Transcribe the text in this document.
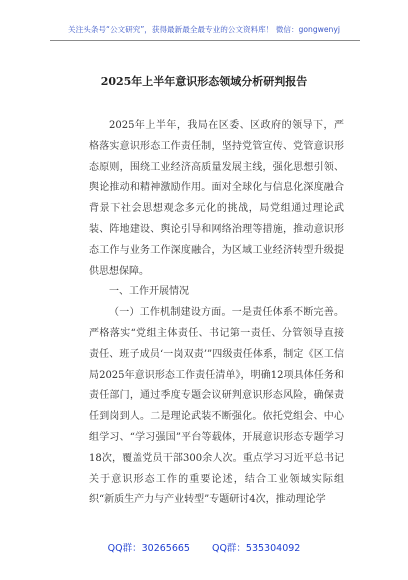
关注头条号“公文研究”，获得最新最全最专业的公文资料库！ 微信：gongwenyj
2025年上半年意识形态领域分析研判报告

2025年上半年，我局在区委、区政府的领导下，严格落实意识形态工作责任制，坚持党管宣传、党管意识形态原则，围绕工业经济高质量发展主线，强化思想引领、舆论推动和精神激励作用。面对全球化与信息化深度融合背景下社会思想观念多元化的挑战，局党组通过理论武装、阵地建设、舆论引导和网络治理等措施，推动意识形态工作与业务工作深度融合，为区域工业经济转型升级提供思想保障。

一、工作开展情况

（一）工作机制建设方面。一是责任体系不断完善。严格落实“党组主体责任、书记第一责任、分管领导直接责任、班子成员‘一岗双责’”四级责任体系，制定《区工信局2025年意识形态工作责任清单》，明确12项具体任务和责任部门，通过季度专题会议研判意识形态风险，确保责任到岗到人。二是理论武装不断强化。依托党组会、中心组学习、“学习强国”平台等载体，开展意识形态专题学习18次，覆盖党员干部300余人次。重点学习习近平总书记关于意识形态工作的重要论述，结合工业领域实际组织“新质生产力与产业转型”专题研讨4次，推动理论学

QQ群：30265665 QQ群：535304092
